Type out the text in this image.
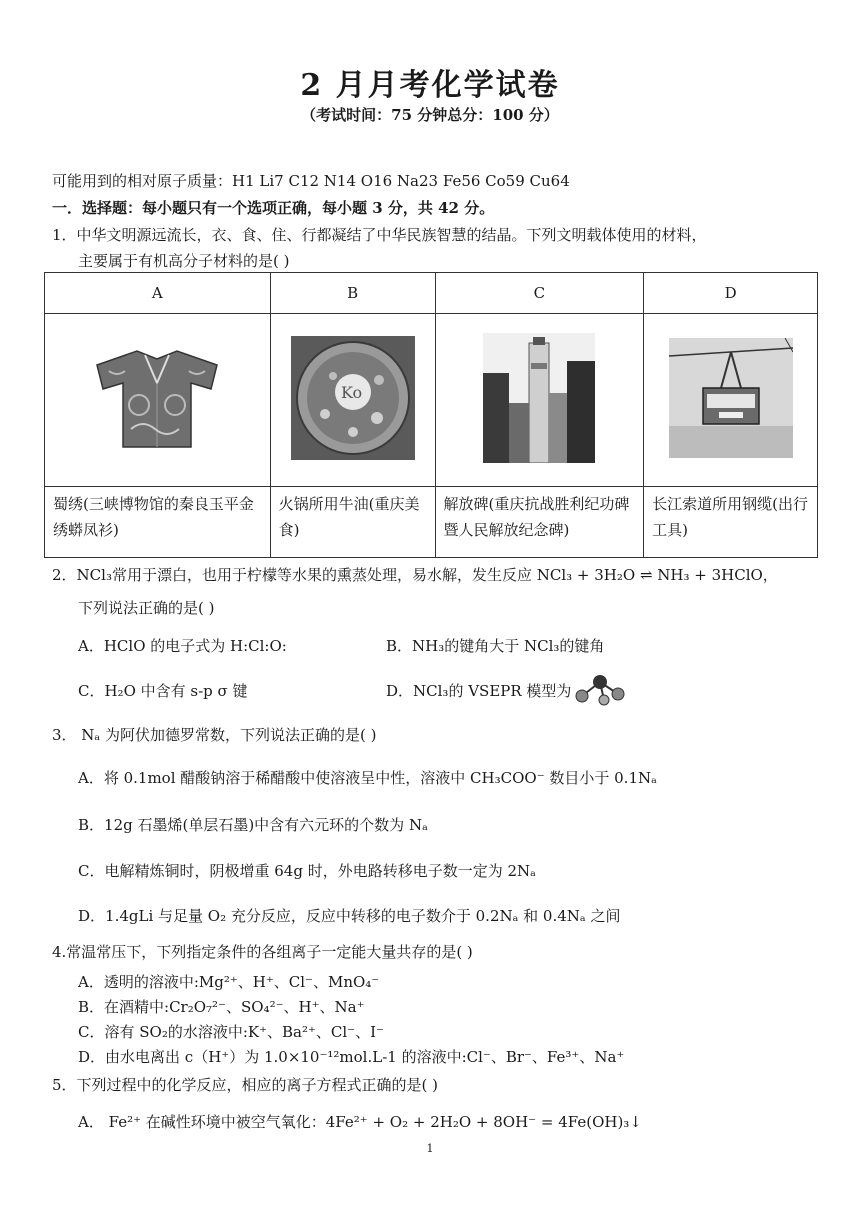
2 月月考化学试卷
（考试时间：75 分钟总分：100 分）
可能用到的相对原子质量：H1 Li7 C12 N14 O16 Na23 Fe56 Co59 Cu64
一．选择题：每小题只有一个选项正确，每小题 3 分，共 42 分。
1．中华文明源远流长，衣、食、住、行都凝结了中华民族智慧的结晶。下列文明载体使用的材料，
主要属于有机高分子材料的是( )
A	B	C	D

Ko

蜀绣(三峡博物馆的秦良玉平金绣蟒凤衫)	火锅所用牛油(重庆美食)	解放碑(重庆抗战胜利纪功碑暨人民解放纪念碑)	长江索道所用钢缆(出行工具)
2．NCl₃常用于漂白，也用于柠檬等水果的熏蒸处理，易水解，发生反应 NCl₃ + 3H₂O ⇌ NH₃ + 3HClO，
下列说法正确的是( )
A．HClO 的电子式为 H:Cl:O:	B．NH₃的键角大于 NCl₃的键角
C．H₂O 中含有 s-p σ 键	D．NCl₃的 VSEPR 模型为
3． Nₐ 为阿伏加德罗常数，下列说法正确的是( )
A．将 0.1mol 醋酸钠溶于稀醋酸中使溶液呈中性，溶液中 CH₃COO⁻ 数目小于 0.1Nₐ
B．12g 石墨烯(单层石墨)中含有六元环的个数为 Nₐ
C．电解精炼铜时，阴极增重 64g 时，外电路转移电子数一定为 2Nₐ
D．1.4gLi 与足量 O₂ 充分反应，反应中转移的电子数介于 0.2Nₐ 和 0.4Nₐ 之间
4.常温常压下，下列指定条件的各组离子一定能大量共存的是( )
A．透明的溶液中:Mg²⁺、H⁺、Cl⁻、MnO₄⁻
B．在酒精中:Cr₂O₇²⁻、SO₄²⁻、H⁺、Na⁺
C．溶有 SO₂的水溶液中:K⁺、Ba²⁺、Cl⁻、I⁻
D．由水电离出 c（H⁺）为 1.0×10⁻¹²mol.L-1 的溶液中:Cl⁻、Br⁻、Fe³⁺、Na⁺
5．下列过程中的化学反应，相应的离子方程式正确的是( )
A． Fe²⁺ 在碱性环境中被空气氧化：4Fe²⁺ + O₂ + 2H₂O + 8OH⁻ = 4Fe(OH)₃↓
1
